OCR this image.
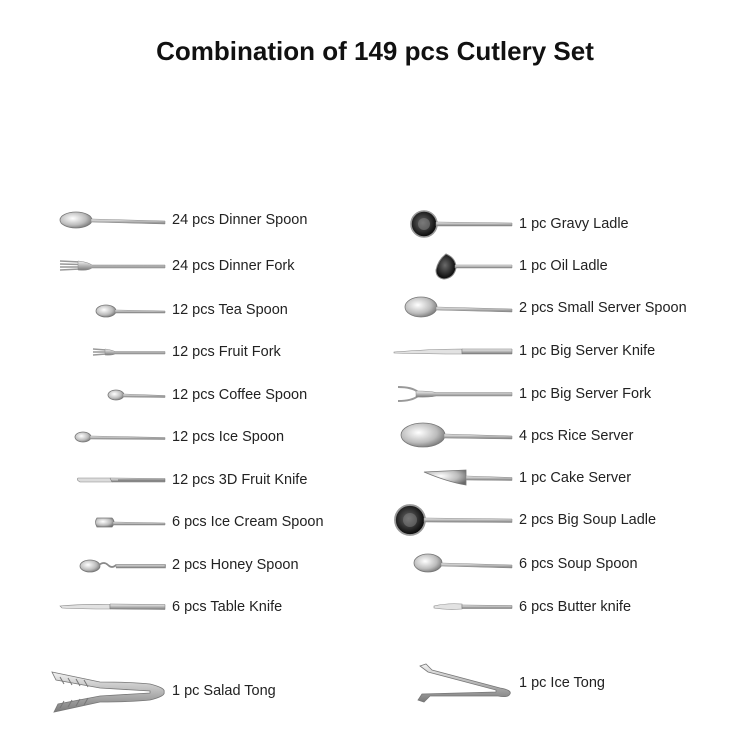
Combination of 149 pcs Cutlery Set
24 pcs Dinner Spoon
24 pcs Dinner Fork
12 pcs Tea Spoon
12 pcs Fruit Fork
12 pcs Coffee Spoon
12 pcs Ice Spoon
12 pcs 3D Fruit Knife
6 pcs Ice Cream Spoon
2 pcs Honey Spoon
6 pcs Table Knife
1 pc Salad Tong
1 pc Gravy Ladle
1 pc Oil Ladle
2 pcs Small Server Spoon
1 pc Big Server Knife
1 pc Big Server Fork
4 pcs Rice Server
1 pc Cake Server
2 pcs Big Soup Ladle
6 pcs Soup Spoon
6 pcs Butter knife
1 pc Ice Tong
